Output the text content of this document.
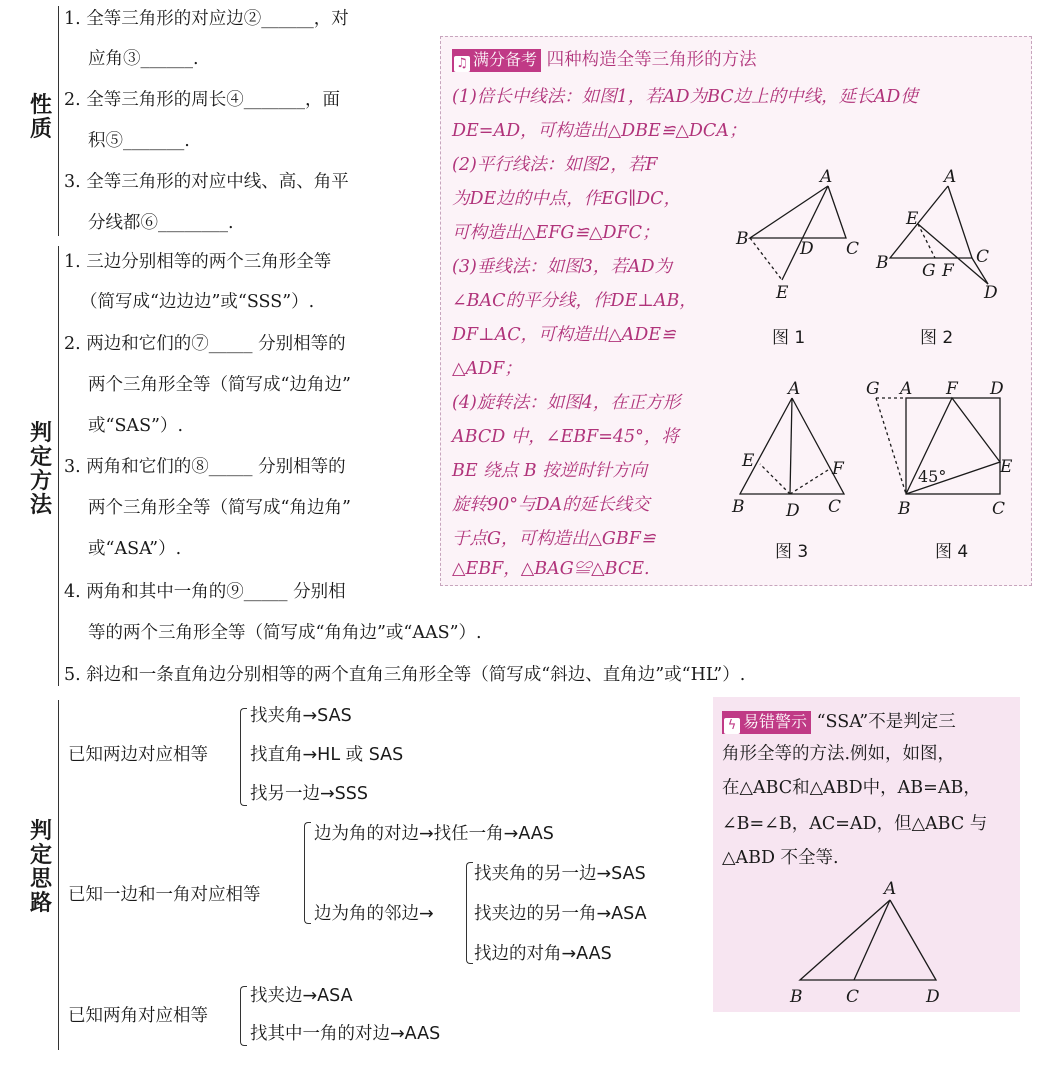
性质
1. 全等三角形的对应边②______，对
应角③______.
2. 全等三角形的周长④_______，面
积⑤_______.
3. 全等三角形的对应中线、高、角平
分线都⑥________.
判定方法
1. 三边分别相等的两个三角形全等
（简写成“边边边”或“SSS”）.
2. 两边和它们的⑦_____ 分别相等的
两个三角形全等（简写成“边角边”
或“SAS”）.
3. 两角和它们的⑧_____ 分别相等的
两个三角形全等（简写成“角边角”
或“ASA”）.
4. 两角和其中一角的⑨_____ 分别相
等的两个三角形全等（简写成“角角边”或“AAS”）.
5. 斜边和一条直角边分别相等的两个直角三角形全等（简写成“斜边、直角边”或“HL”）.
♫ 满分备考 四种构造全等三角形的方法
(1)倍长中线法：如图1，若AD为BC边上的中线，延长AD使
DE=AD，可构造出△DBE≌△DCA；
(2)平行线法：如图2，若F
为DE边的中点，作EG∥DC，
可构造出△EFG≌△DFC；
(3)垂线法：如图3，若AD为
∠BAC的平分线，作DE⊥AB，
DF⊥AC，可构造出△ADE≌
△ADF；
(4)旋转法：如图4，在正方形
ABCD 中，∠EBF=45°，将
BE 绕点 B 按逆时针方向
旋转90°与DA的延长线交
于点G，可构造出△GBF≌
△EBF，△BAG≌△BCE.
A
B	C
D
E
A
E
B G F
C
D
A
E	F
B D C
G A F D
E
B	C
45°
图 1	图 2
图 3	图 4
判定思路
已知两边对应相等
找夹角→SAS
找直角→HL 或 SAS
找另一边→SSS
已知一边和一角对应相等
边为角的对边→找任一角→AAS
边为角的邻边→
找夹角的另一边→SAS
找夹边的另一角→ASA
找边的对角→AAS
已知两角对应相等
找夹边→ASA
找其中一角的对边→AAS
ϟ 易错警示 “SSA”不是判定三
角形全等的方法.例如，如图，
在△ABC和△ABD中，AB=AB，
∠B=∠B，AC=AD，但△ABC 与
△ABD 不全等.
A
B	C	D
